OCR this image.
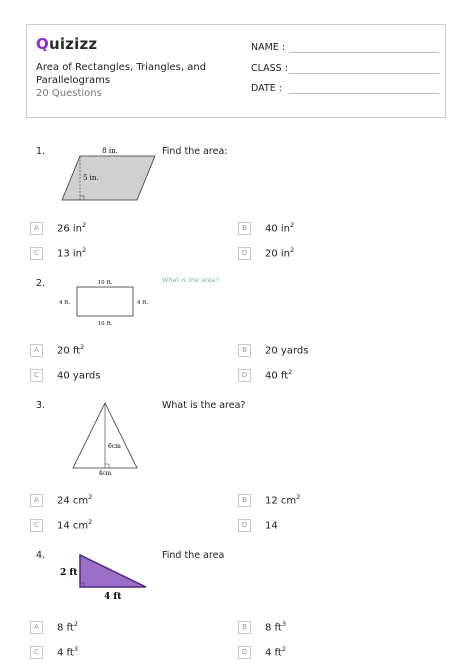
Quizizz
Area of Rectangles, Triangles, and Parallelograms
20 Questions
NAME :
CLASS :
DATE :
1.	Find the area:
8 in.
5 in.
A	26 $in^2$	B	40 $in^2$
C	13 $in^2$	D	20 $in^2$
2.	What is the area?
10 ft.
10 ft.
4 ft.	4 ft.
A	20 $ft^2$	B	20 yards
C	40 yards	D	40 $ft^2$
3.	What is the area?
6cm
4cm
A	24 $cm^2$	B	12 $cm^2$
C	14 $cm^2$	D	14
4.	Find the area
2 ft
4 ft
A	8 $ft^2$	B	8 $ft^3$
C	4 $ft^3$	D	4 $ft^2$
